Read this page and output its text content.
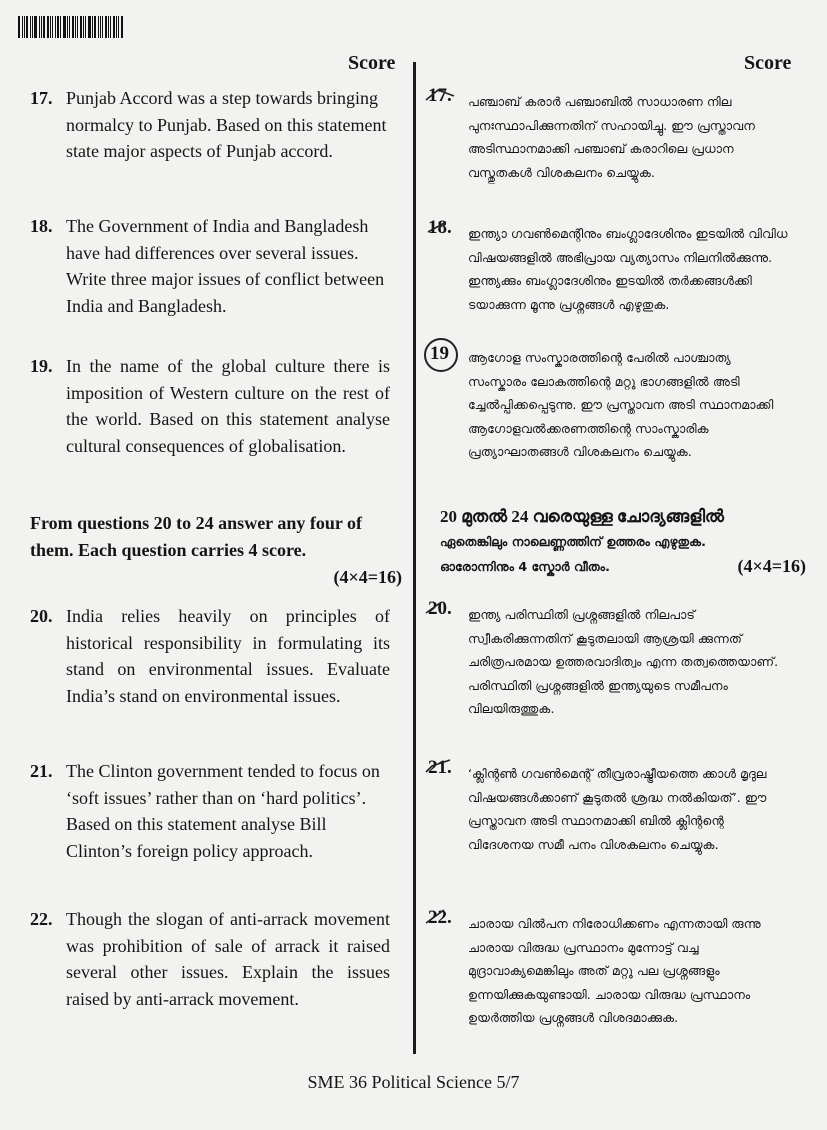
Score	Score
17. Punjab Accord was a step towards bringing normalcy to Punjab. Based on this statement state major aspects of Punjab accord.
18. The Government of India and Bangladesh have had differences over several issues. Write three major issues of conflict between India and Bangladesh.
19. In the name of the global culture there is imposition of Western culture on the rest of the world. Based on this statement analyse cultural consequences of globalisation.
From questions 20 to 24 answer any four of them. Each question carries 4 score.
(4×4=16)
20. India relies heavily on principles of historical responsibility in formulating its stand on environmental issues. Evaluate India’s stand on environmental issues.
21. The Clinton government tended to focus on ‘soft issues’ rather than on ‘hard politics’. Based on this statement analyse Bill Clinton’s foreign policy approach.
22. Though the slogan of anti-arrack movement was prohibition of sale of arrack it raised several other issues. Explain the issues raised by anti-arrack movement.
17. പഞ്ചാബ് കരാർ പഞ്ചാബിൽ സാധാരണ നില പുനഃസ്ഥാപിക്കുന്നതിന് സഹായിച്ചു. ഈ പ്രസ്താവന അടിസ്ഥാനമാക്കി പഞ്ചാബ് കരാറിലെ പ്രധാന വസ്തുതകൾ വിശകലനം ചെയ്യുക.
18. ഇന്ത്യാ ഗവൺമെന്റിനും ബംഗ്ലാദേശിനും ഇടയിൽ വിവിധ വിഷയങ്ങളിൽ അഭിപ്രായ വ്യത്യാസം നിലനിൽക്കുന്നു. ഇന്ത്യക്കും ബംഗ്ലാദേശിനും ഇടയിൽ തർക്കങ്ങൾക്കി ടയാക്കുന്ന മൂന്നു പ്രശ്നങ്ങൾ എഴുതുക.
19 ആഗോള സംസ്കാരത്തിന്റെ പേരിൽ പാശ്ചാത്യ സംസ്കാരം ലോകത്തിന്റെ മറ്റു ഭാഗങ്ങളിൽ അടി ച്ചേൽപ്പിക്കപ്പെടുന്നു. ഈ പ്രസ്താവന അടി സ്ഥാനമാക്കി ആഗോളവൽക്കരണത്തിന്റെ സാംസ്കാരിക പ്രത്യാഘാതങ്ങൾ വിശകലനം ചെയ്യുക.
20 മുതൽ 24 വരെയുള്ള ചോദ്യങ്ങളിൽ
ഏതെങ്കിലും നാലെണ്ണത്തിന് ഉത്തരം എഴുതുക.
ഓരോന്നിനും 4 സ്കോർ വീതം.	(4×4=16)
20. ഇന്ത്യ പരിസ്ഥിതി പ്രശ്നങ്ങളിൽ നിലപാട് സ്വീകരിക്കുന്നതിന് കൂടുതലായി ആശ്രയി ക്കുന്നത് ചരിത്രപരമായ ഉത്തരവാദിത്വം എന്ന തത്വത്തെയാണ്. പരിസ്ഥിതി പ്രശ്നങ്ങളിൽ ഇന്ത്യയുടെ സമീപനം വിലയിരുത്തുക.
21. ‘ക്ലിന്റൺ ഗവൺമെന്റ് തീവ്രരാഷ്ട്രീയത്തെ ക്കാൾ മൃദുല വിഷയങ്ങൾക്കാണ് കൂടുതൽ ശ്രദ്ധ നൽകിയത്’. ഈ പ്രസ്താവന അടി സ്ഥാനമാക്കി ബിൽ ക്ലിന്റന്റെ വിദേശനയ സമീ പനം വിശകലനം ചെയ്യുക.
22. ചാരായ വിൽപന നിരോധിക്കണം എന്നതായി രുന്നു ചാരായ വിരുദ്ധ പ്രസ്ഥാനം മുന്നോട്ട് വച്ച മുദ്രാവാക്യമെങ്കിലും അത് മറ്റു പല പ്രശ്നങ്ങളും ഉന്നയിക്കുകയുണ്ടായി. ചാരായ വിരുദ്ധ പ്രസ്ഥാനം ഉയർത്തിയ പ്രശ്നങ്ങൾ വിശദമാക്കുക.
SME 36 Political Science 5/7
